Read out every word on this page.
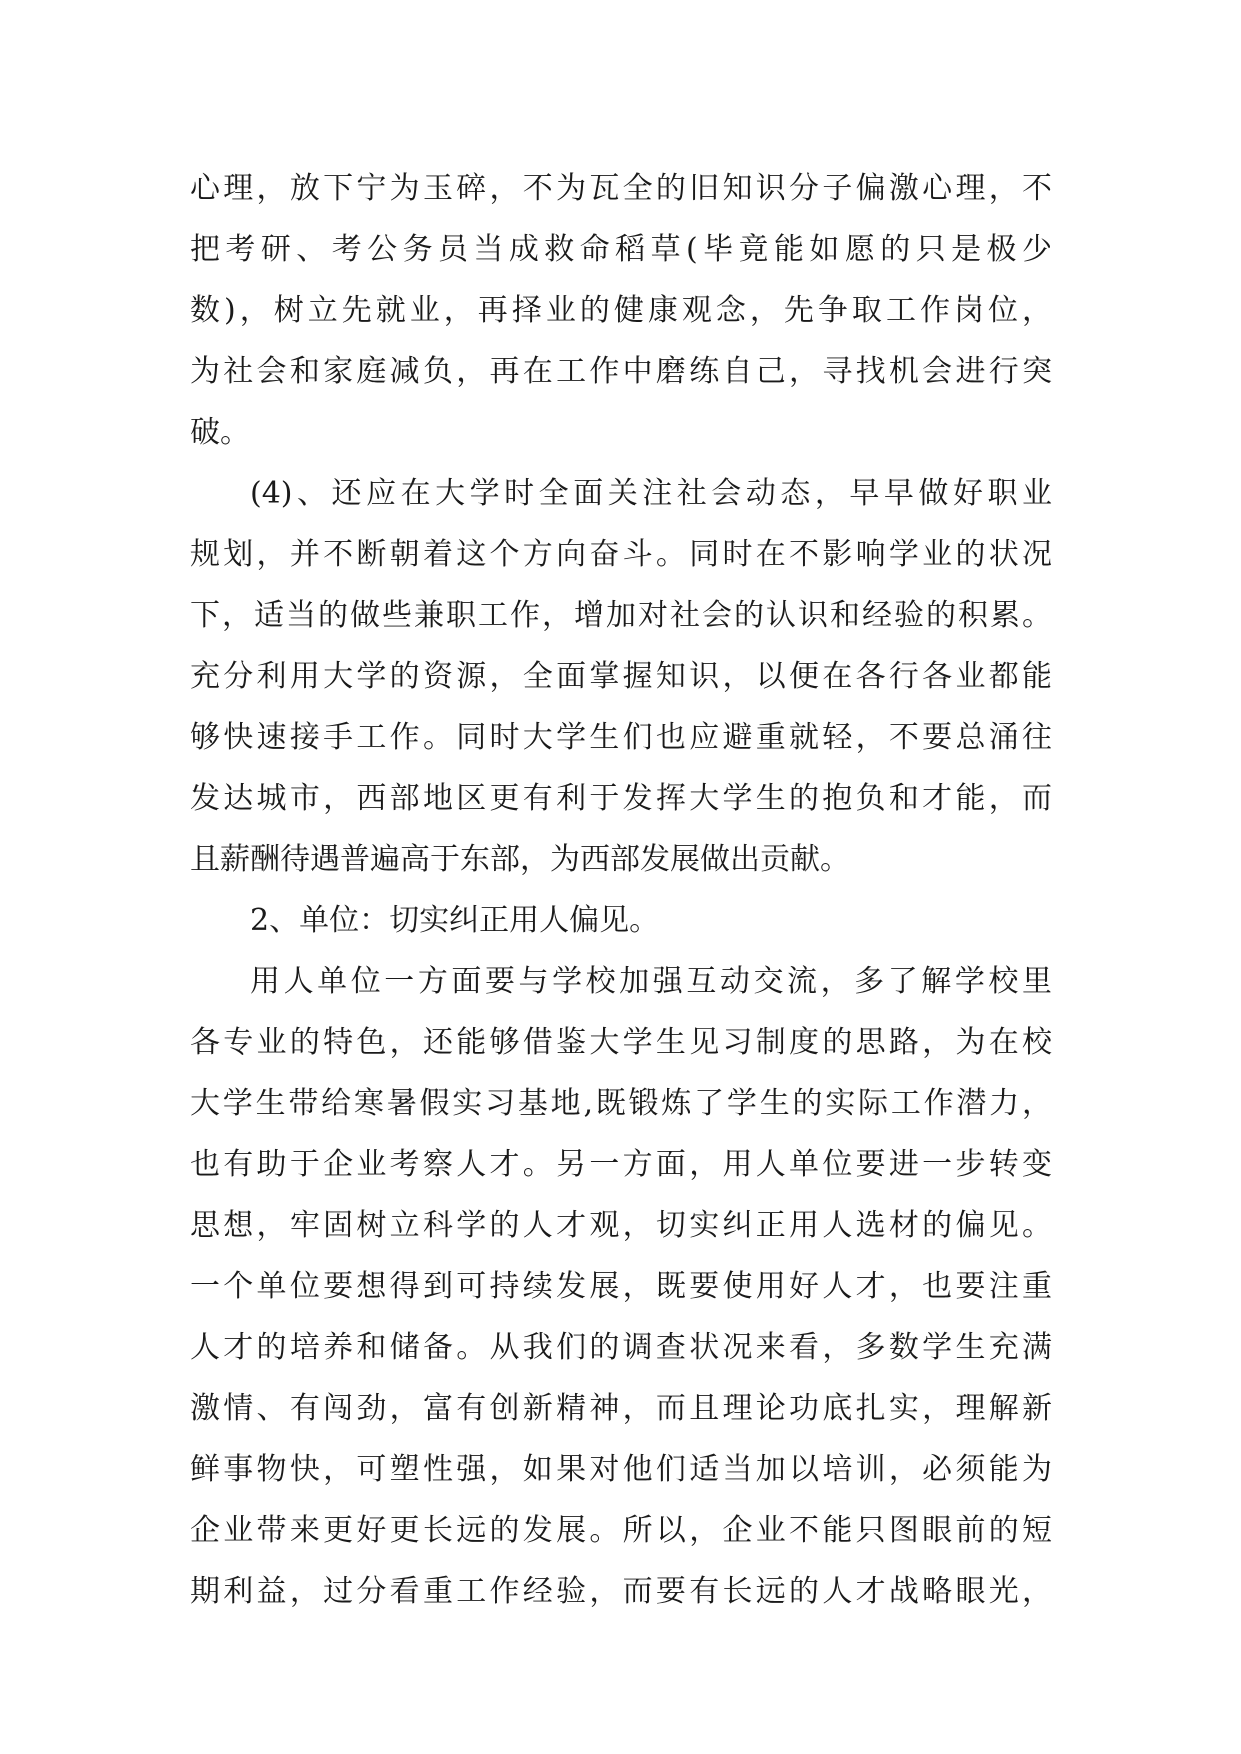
心理，放下宁为玉碎，不为瓦全的旧知识分子偏激心理，不
把考研、考公务员当成救命稻草(毕竟能如愿的只是极少
数)，树立先就业，再择业的健康观念，先争取工作岗位，
为社会和家庭减负，再在工作中磨练自己，寻找机会进行突
破。
(4)、还应在大学时全面关注社会动态，早早做好职业
规划，并不断朝着这个方向奋斗。同时在不影响学业的状况
下，适当的做些兼职工作，增加对社会的认识和经验的积累。
充分利用大学的资源，全面掌握知识，以便在各行各业都能
够快速接手工作。同时大学生们也应避重就轻，不要总涌往
发达城市，西部地区更有利于发挥大学生的抱负和才能，而
且薪酬待遇普遍高于东部，为西部发展做出贡献。
2、单位：切实纠正用人偏见。
用人单位一方面要与学校加强互动交流，多了解学校里
各专业的特色，还能够借鉴大学生见习制度的思路，为在校
大学生带给寒暑假实习基地,既锻炼了学生的实际工作潜力，
也有助于企业考察人才。另一方面，用人单位要进一步转变
思想，牢固树立科学的人才观，切实纠正用人选材的偏见。
一个单位要想得到可持续发展，既要使用好人才，也要注重
人才的培养和储备。从我们的调查状况来看，多数学生充满
激情、有闯劲，富有创新精神，而且理论功底扎实，理解新
鲜事物快，可塑性强，如果对他们适当加以培训，必须能为
企业带来更好更长远的发展。所以，企业不能只图眼前的短
期利益，过分看重工作经验，而要有长远的人才战略眼光，
